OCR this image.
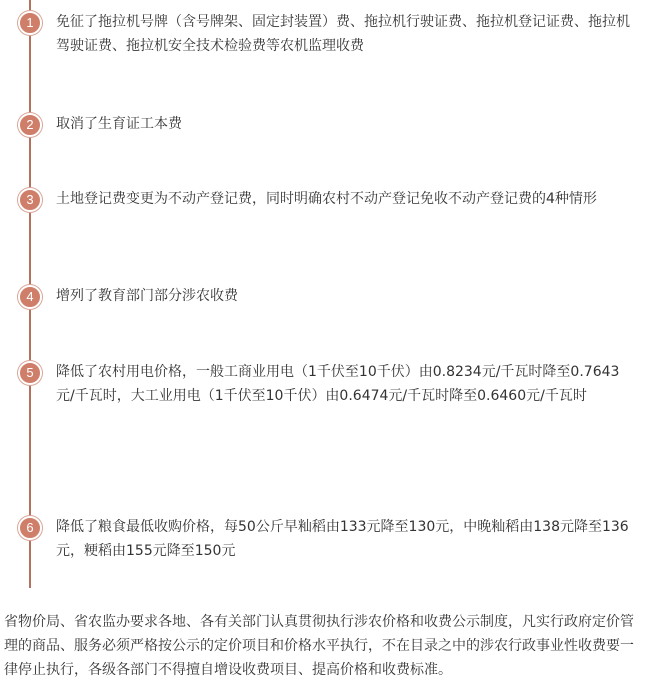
1	免征了拖拉机号牌（含号牌架、固定封装置）费、拖拉机行驶证费、拖拉机登记证费、拖拉机驾驶证费、拖拉机安全技术检验费等农机监理收费

2	取消了生育证工本费

3	土地登记费变更为不动产登记费，同时明确农村不动产登记免收不动产登记费的4种情形

4	增列了教育部门部分涉农收费

5	降低了农村用电价格，一般工商业用电（1千伏至10千伏）由0.8234元/千瓦时降至0.7643元/千瓦时，大工业用电（1千伏至10千伏）由0.6474元/千瓦时降至0.6460元/千瓦时

6	降低了粮食最低收购价格，每50公斤早籼稻由133元降至130元，中晚籼稻由138元降至136元，粳稻由155元降至150元

省物价局、省农监办要求各地、各有关部门认真贯彻执行涉农价格和收费公示制度，凡实行政府定价管理的商品、服务必须严格按公示的定价项目和价格水平执行，不在目录之中的涉农行政事业性收费要一律停止执行，各级各部门不得擅自增设收费项目、提高价格和收费标准。
